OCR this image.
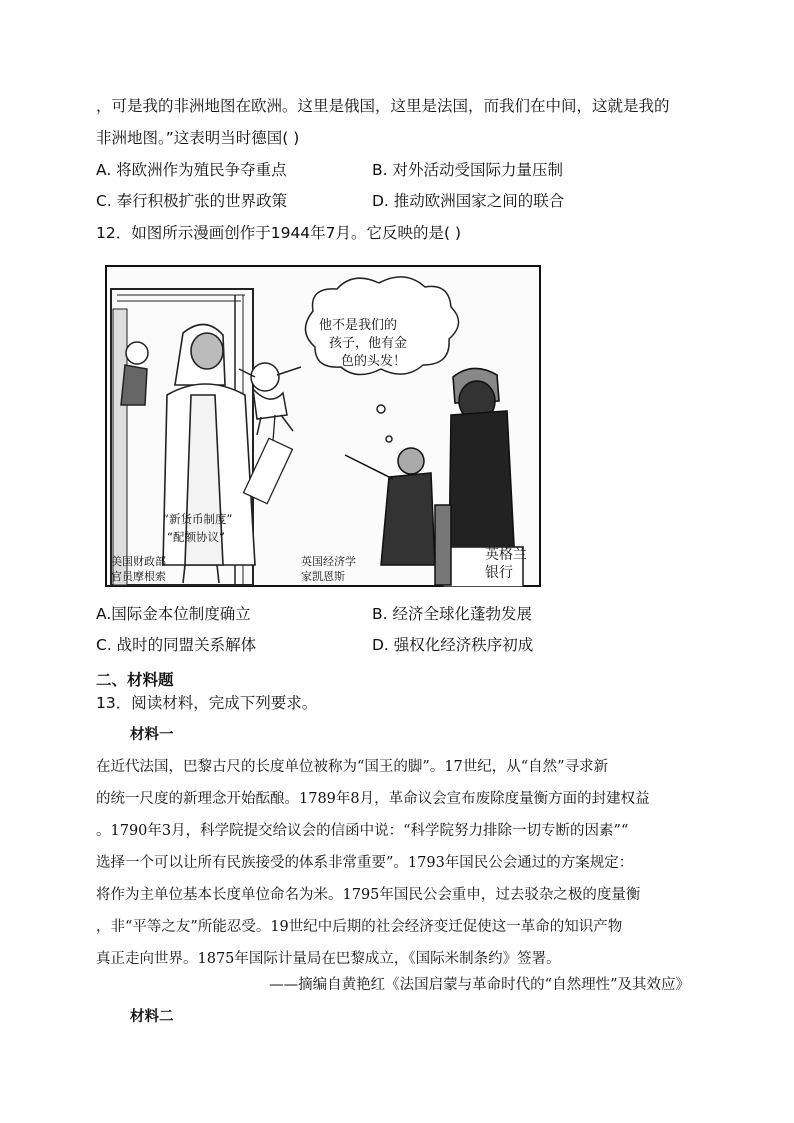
，可是我的非洲地图在欧洲。这里是俄国，这里是法国，而我们在中间，这就是我的
非洲地图。”这表明当时德国( )
A. 将欧洲作为殖民争夺重点	B. 对外活动受国际力量压制
C. 奉行积极扩张的世界政策	D. 推动欧洲国家之间的联合
12．如图所示漫画创作于1944年7月。它反映的是( )
他不是我们的
孩子，他有金
色的头发！
“新货币制度”
“配额协议”
美国财政部
官员摩根索
英国经济学
家凯恩斯
英格兰
银行
A.国际金本位制度确立	B. 经济全球化蓬勃发展
C. 战时的同盟关系解体	D. 强权化经济秩序初成
二、材料题
13．阅读材料，完成下列要求。
材料一
在近代法国，巴黎古尺的长度单位被称为“国王的脚”。17世纪，从“自然”寻求新
的统一尺度的新理念开始酝酿。1789年8月，革命议会宣布废除度量衡方面的封建权益
。1790年3月，科学院提交给议会的信函中说：“科学院努力排除一切专断的因素”“
选择一个可以让所有民族接受的体系非常重要”。1793年国民公会通过的方案规定：
将作为主单位基本长度单位命名为米。1795年国民公会重申，过去驳杂之极的度量衡
，非“平等之友”所能忍受。19世纪中后期的社会经济变迁促使这一革命的知识产物
真正走向世界。1875年国际计量局在巴黎成立，《国际米制条约》签署。
——摘编自黄艳红《法国启蒙与革命时代的“自然理性”及其效应》
材料二
